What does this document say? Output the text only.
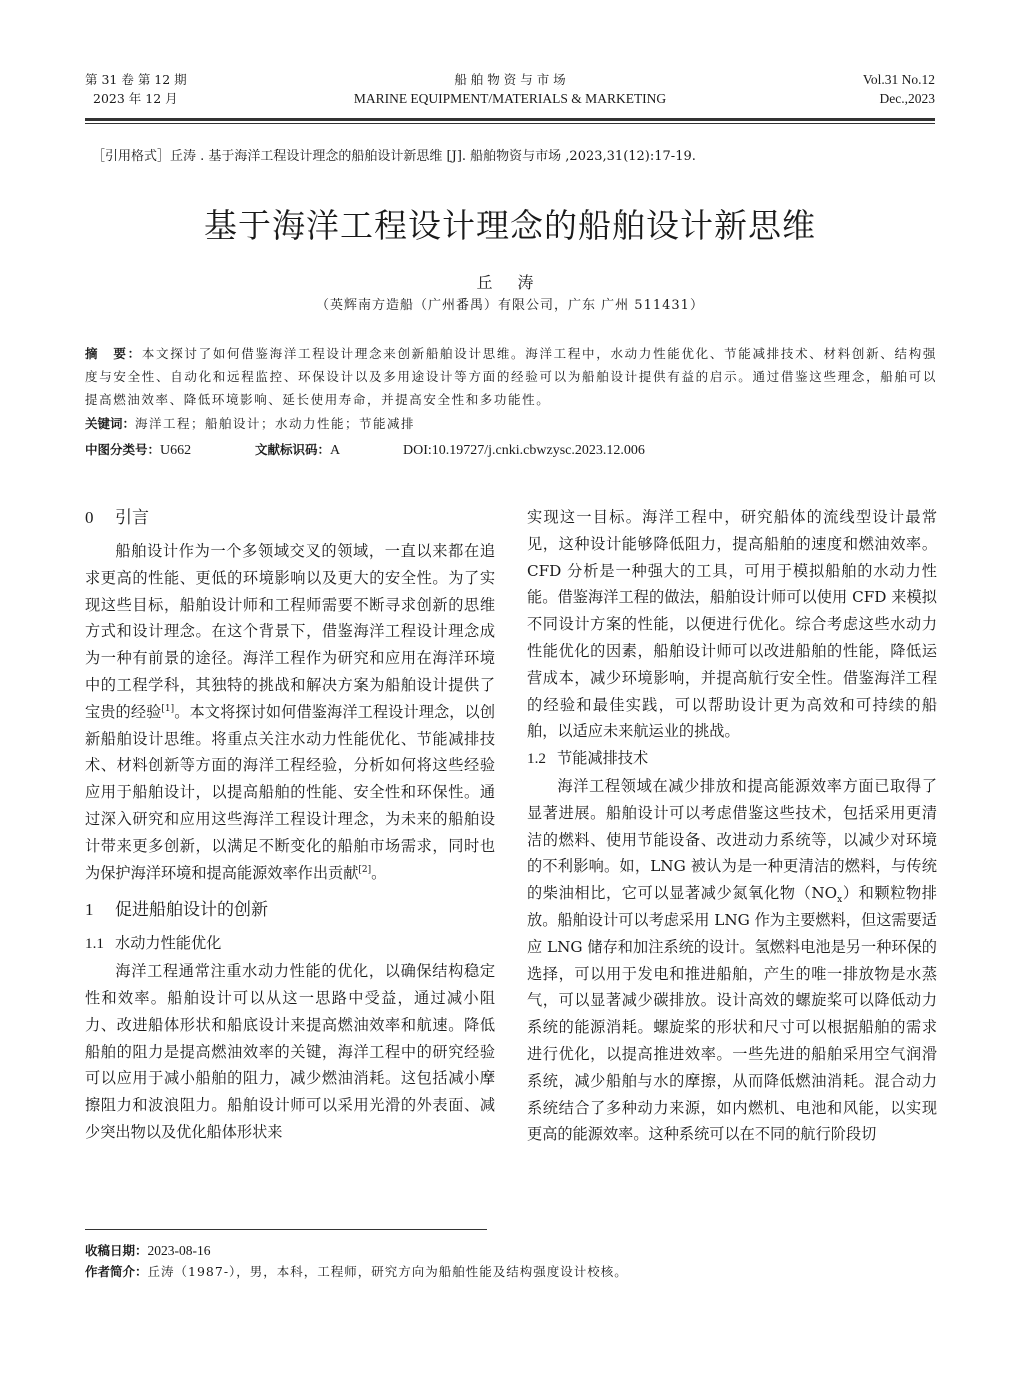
第 31 卷 第 12 期
2023 年 12 月
船 舶 物 资 与 市 场
MARINE EQUIPMENT/MATERIALS & MARKETING
Vol.31 No.12
Dec.,2023
［引用格式］丘涛 . 基于海洋工程设计理念的船舶设计新思维 [J]. 船舶物资与市场 ,2023,31(12):17-19.
基于海洋工程设计理念的船舶设计新思维
丘 涛
（英辉南方造船（广州番禺）有限公司，广东 广州 511431）
摘　要：本文探讨了如何借鉴海洋工程设计理念来创新船舶设计思维。海洋工程中，水动力性能优化、节能减排技术、材料创新、结构强度与安全性、自动化和远程监控、环保设计以及多用途设计等方面的经验可以为船舶设计提供有益的启示。通过借鉴这些理念，船舶可以提高燃油效率、降低环境影响、延长使用寿命，并提高安全性和多功能性。
关键词：海洋工程；船舶设计；水动力性能；节能减排
中图分类号：U662	文献标识码：A	DOI:10.19727/j.cnki.cbwzysc.2023.12.006
0 引言

船舶设计作为一个多领域交叉的领域，一直以来都在追求更高的性能、更低的环境影响以及更大的安全性。为了实现这些目标，船舶设计师和工程师需要不断寻求创新的思维方式和设计理念。在这个背景下，借鉴海洋工程设计理念成为一种有前景的途径。海洋工程作为研究和应用在海洋环境中的工程学科，其独特的挑战和解决方案为船舶设计提供了宝贵的经验[1]。本文将探讨如何借鉴海洋工程设计理念，以创新船舶设计思维。将重点关注水动力性能优化、节能减排技术、材料创新等方面的海洋工程经验，分析如何将这些经验应用于船舶设计，以提高船舶的性能、安全性和环保性。通过深入研究和应用这些海洋工程设计理念，为未来的船舶设计带来更多创新，以满足不断变化的船舶市场需求，同时也为保护海洋环境和提高能源效率作出贡献[2]。

1 促进船舶设计的创新
1.1 水动力性能优化

海洋工程通常注重水动力性能的优化，以确保结构稳定性和效率。船舶设计可以从这一思路中受益，通过减小阻力、改进船体形状和船底设计来提高燃油效率和航速。降低船舶的阻力是提高燃油效率的关键，海洋工程中的研究经验可以应用于减小船舶的阻力，减少燃油消耗。这包括减小摩擦阻力和波浪阻力。船舶设计师可以采用光滑的外表面、减少突出物以及优化船体形状来

实现这一目标。海洋工程中，研究船体的流线型设计最常见，这种设计能够降低阻力，提高船舶的速度和燃油效率。CFD 分析是一种强大的工具，可用于模拟船舶的水动力性能。借鉴海洋工程的做法，船舶设计师可以使用 CFD 来模拟不同设计方案的性能，以便进行优化。综合考虑这些水动力性能优化的因素，船舶设计师可以改进船舶的性能，降低运营成本，减少环境影响，并提高航行安全性。借鉴海洋工程的经验和最佳实践，可以帮助设计更为高效和可持续的船舶，以适应未来航运业的挑战。

1.2 节能减排技术

海洋工程领域在减少排放和提高能源效率方面已取得了显著进展。船舶设计可以考虑借鉴这些技术，包括采用更清洁的燃料、使用节能设备、改进动力系统等，以减少对环境的不利影响。如，LNG 被认为是一种更清洁的燃料，与传统的柴油相比，它可以显著减少氮氧化物$(NO_x)$和颗粒物排放。船舶设计可以考虑采用 LNG 作为主要燃料，但这需要适应 LNG 储存和加注系统的设计。氢燃料电池是另一种环保的选择，可以用于发电和推进船舶，产生的唯一排放物是水蒸气，可以显著减少碳排放。设计高效的螺旋桨可以降低动力系统的能源消耗。螺旋桨的形状和尺寸可以根据船舶的需求进行优化，以提高推进效率。一些先进的船舶采用空气润滑系统，减少船舶与水的摩擦，从而降低燃油消耗。混合动力系统结合了多种动力来源，如内燃机、电池和风能，以实现更高的能源效率。这种系统可以在不同的航行阶段切

收稿日期：2023-08-16
作者简介：丘涛（1987-），男，本科，工程师，研究方向为船舶性能及结构强度设计校核。
